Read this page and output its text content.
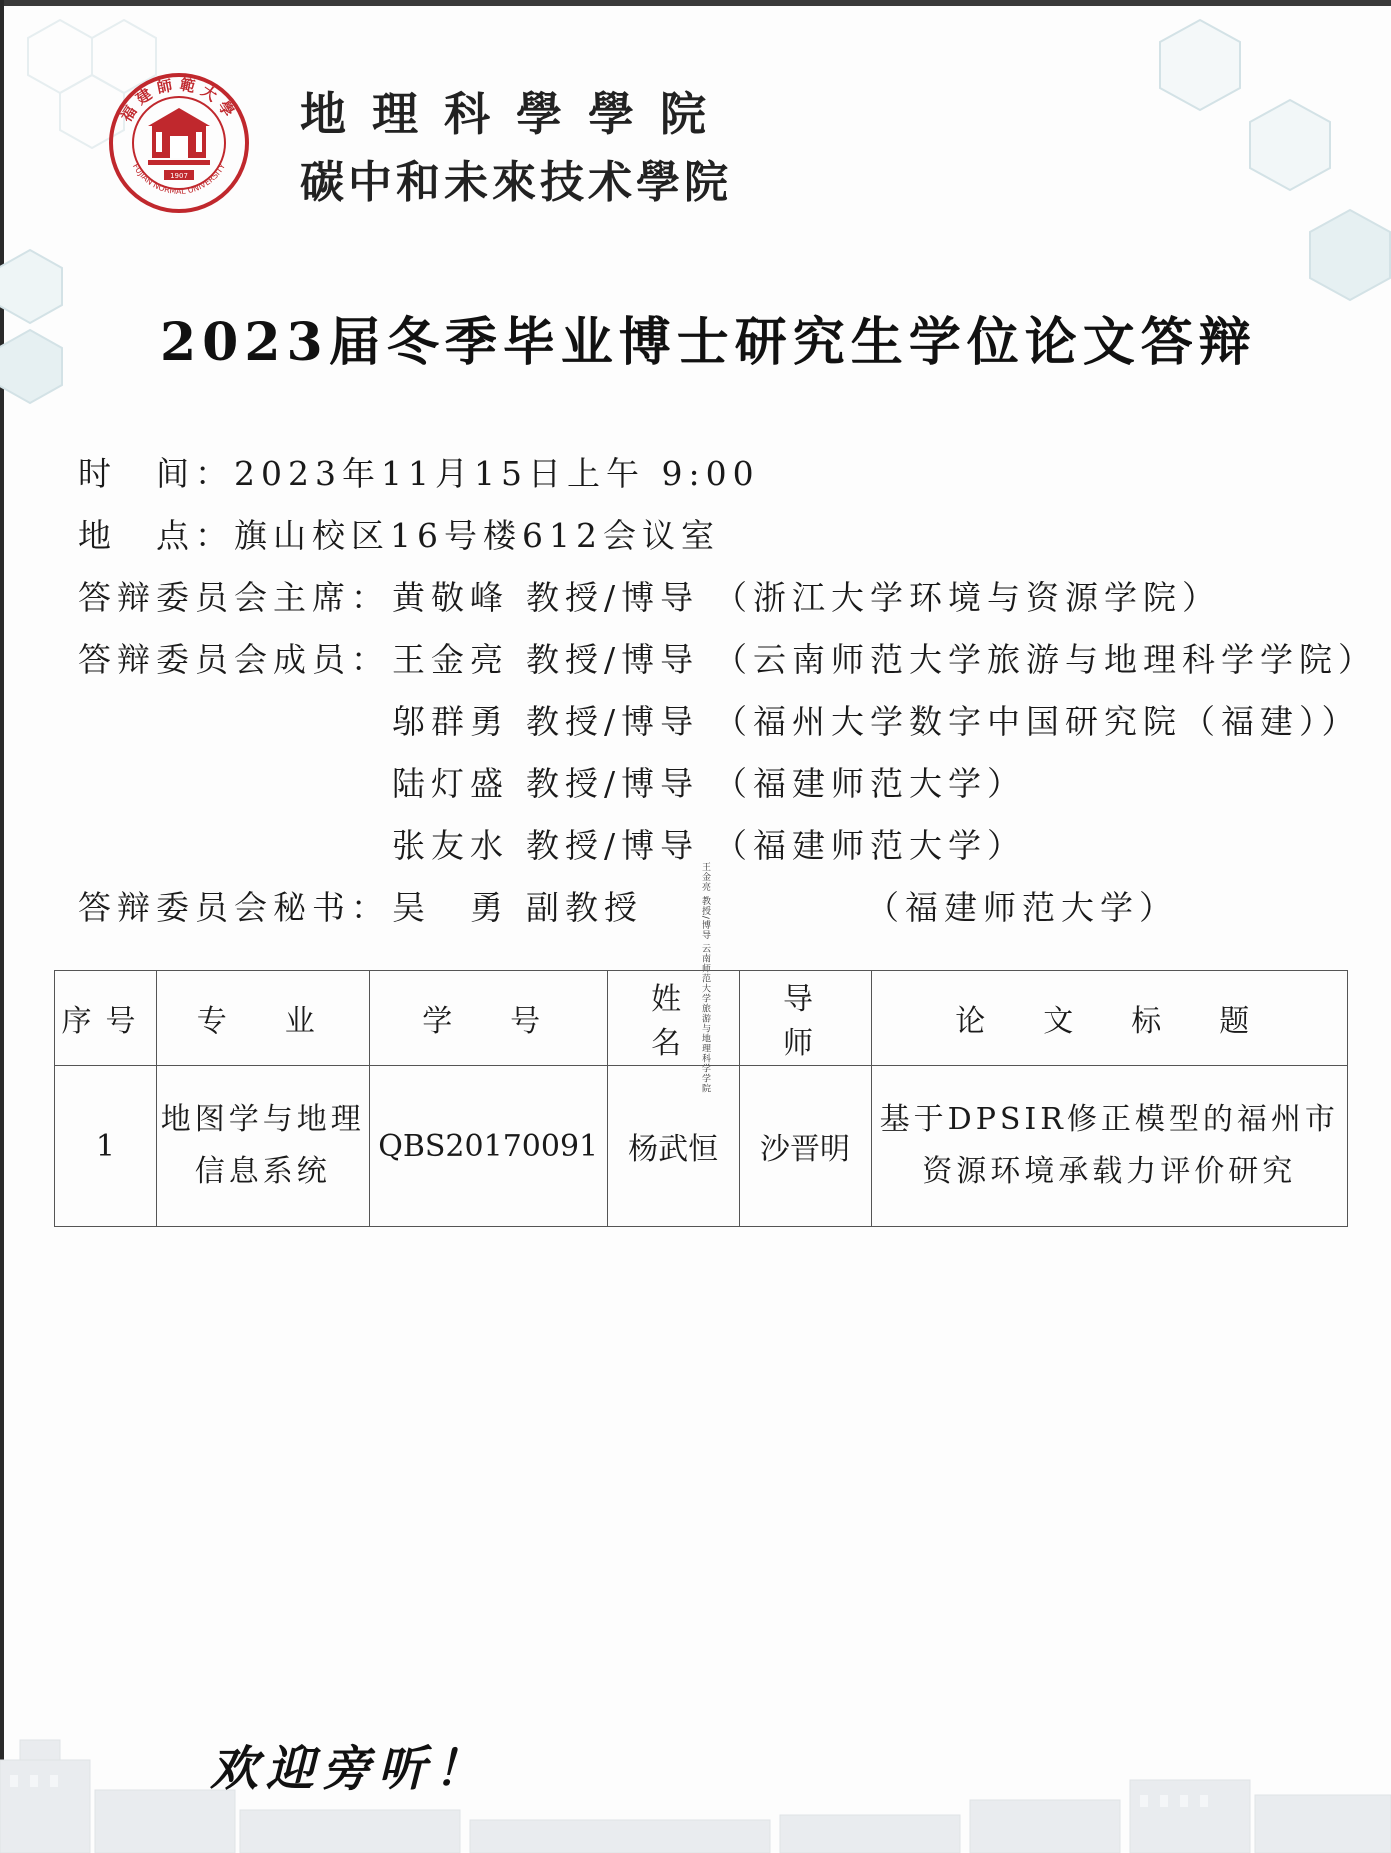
福建師範大學
FUJIAN NORMAL UNIVERSITY
1907
地理科學學院
碳中和未來技术學院
2023届冬季毕业博士研究生学位论文答辩
时　间：2023年11月15日上午 9:00
地　点：旗山校区16号楼612会议室
答辩委员会主席： 黄敬峰 教授/博导 （浙江大学环境与资源学院）
答辩委员会成员： 王金亮 教授/博导 （云南师范大学旅游与地理科学学院）
邬群勇 教授/博导 （福州大学数字中国研究院（福建））
陆灯盛 教授/博导 （福建师范大学）
张友水 教授/博导 （福建师范大学）
答辩委员会秘书： 吴　勇 副教授	（福建师范大学）
王金亮 教授/博导 云南师范大学旅游与地理科学学院
序号	专　业	学　号	姓　名	导　师	论　文　标　题
1	地图学与地理信息系统	QBS20170091	杨武恒	沙晋明	基于DPSIR修正模型的福州市资源环境承载力评价研究
欢迎旁听！
